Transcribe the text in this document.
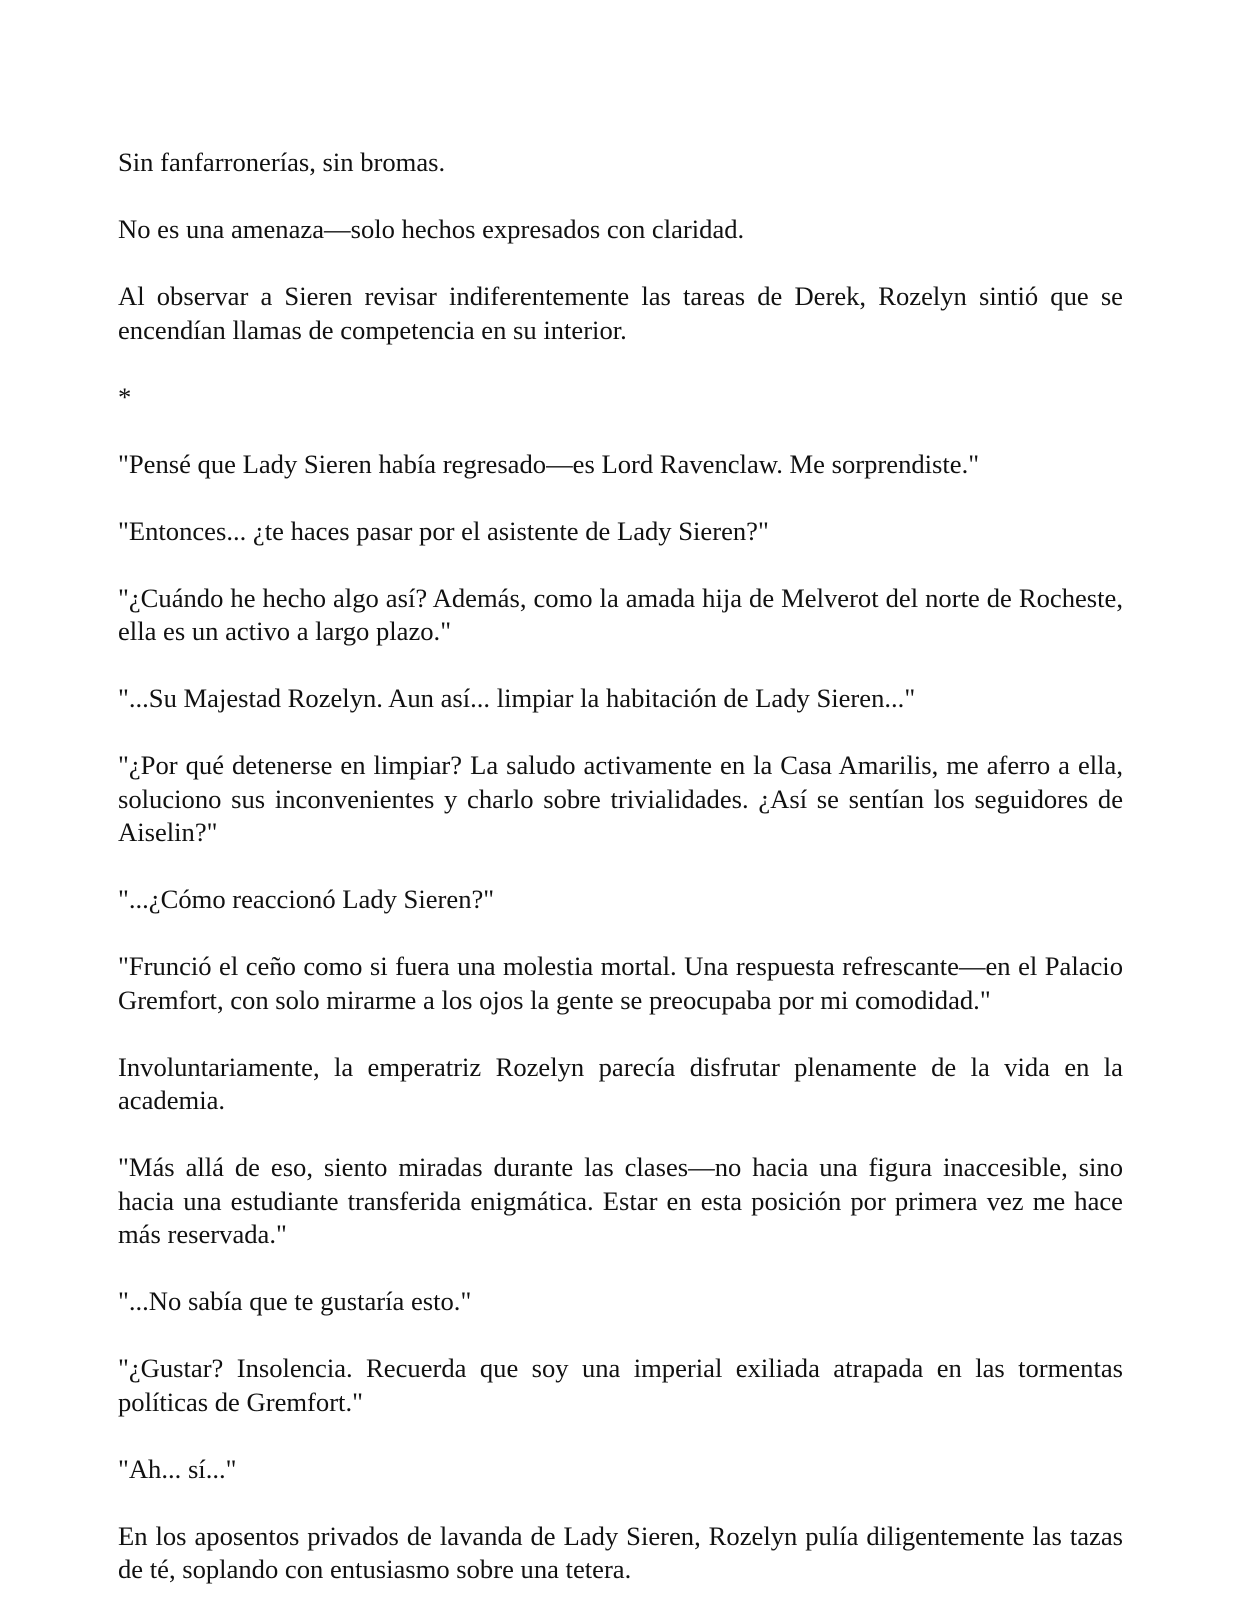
Sin fanfarronerías, sin bromas.

No es una amenaza—solo hechos expresados con claridad.

Al observar a Sieren revisar indiferentemente las tareas de Derek, Rozelyn sintió que se encendían llamas de competencia en su interior.

*

"Pensé que Lady Sieren había regresado—es Lord Ravenclaw. Me sorprendiste."

"Entonces... ¿te haces pasar por el asistente de Lady Sieren?"

"¿Cuándo he hecho algo así? Además, como la amada hija de Melverot del norte de Rocheste, ella es un activo a largo plazo."

"...Su Majestad Rozelyn. Aun así... limpiar la habitación de Lady Sieren..."

"¿Por qué detenerse en limpiar? La saludo activamente en la Casa Amarilis, me aferro a ella, soluciono sus inconvenientes y charlo sobre trivialidades. ¿Así se sentían los seguidores de Aiselin?"

"...¿Cómo reaccionó Lady Sieren?"

"Frunció el ceño como si fuera una molestia mortal. Una respuesta refrescante—en el Palacio Gremfort, con solo mirarme a los ojos la gente se preocupaba por mi comodidad."

Involuntariamente, la emperatriz Rozelyn parecía disfrutar plenamente de la vida en la academia.

"Más allá de eso, siento miradas durante las clases—no hacia una figura inaccesible, sino hacia una estudiante transferida enigmática. Estar en esta posición por primera vez me hace más reservada."

"...No sabía que te gustaría esto."

"¿Gustar? Insolencia. Recuerda que soy una imperial exiliada atrapada en las tormentas políticas de Gremfort."

"Ah... sí..."

En los aposentos privados de lavanda de Lady Sieren, Rozelyn pulía diligentemente las tazas de té, soplando con entusiasmo sobre una tetera.
